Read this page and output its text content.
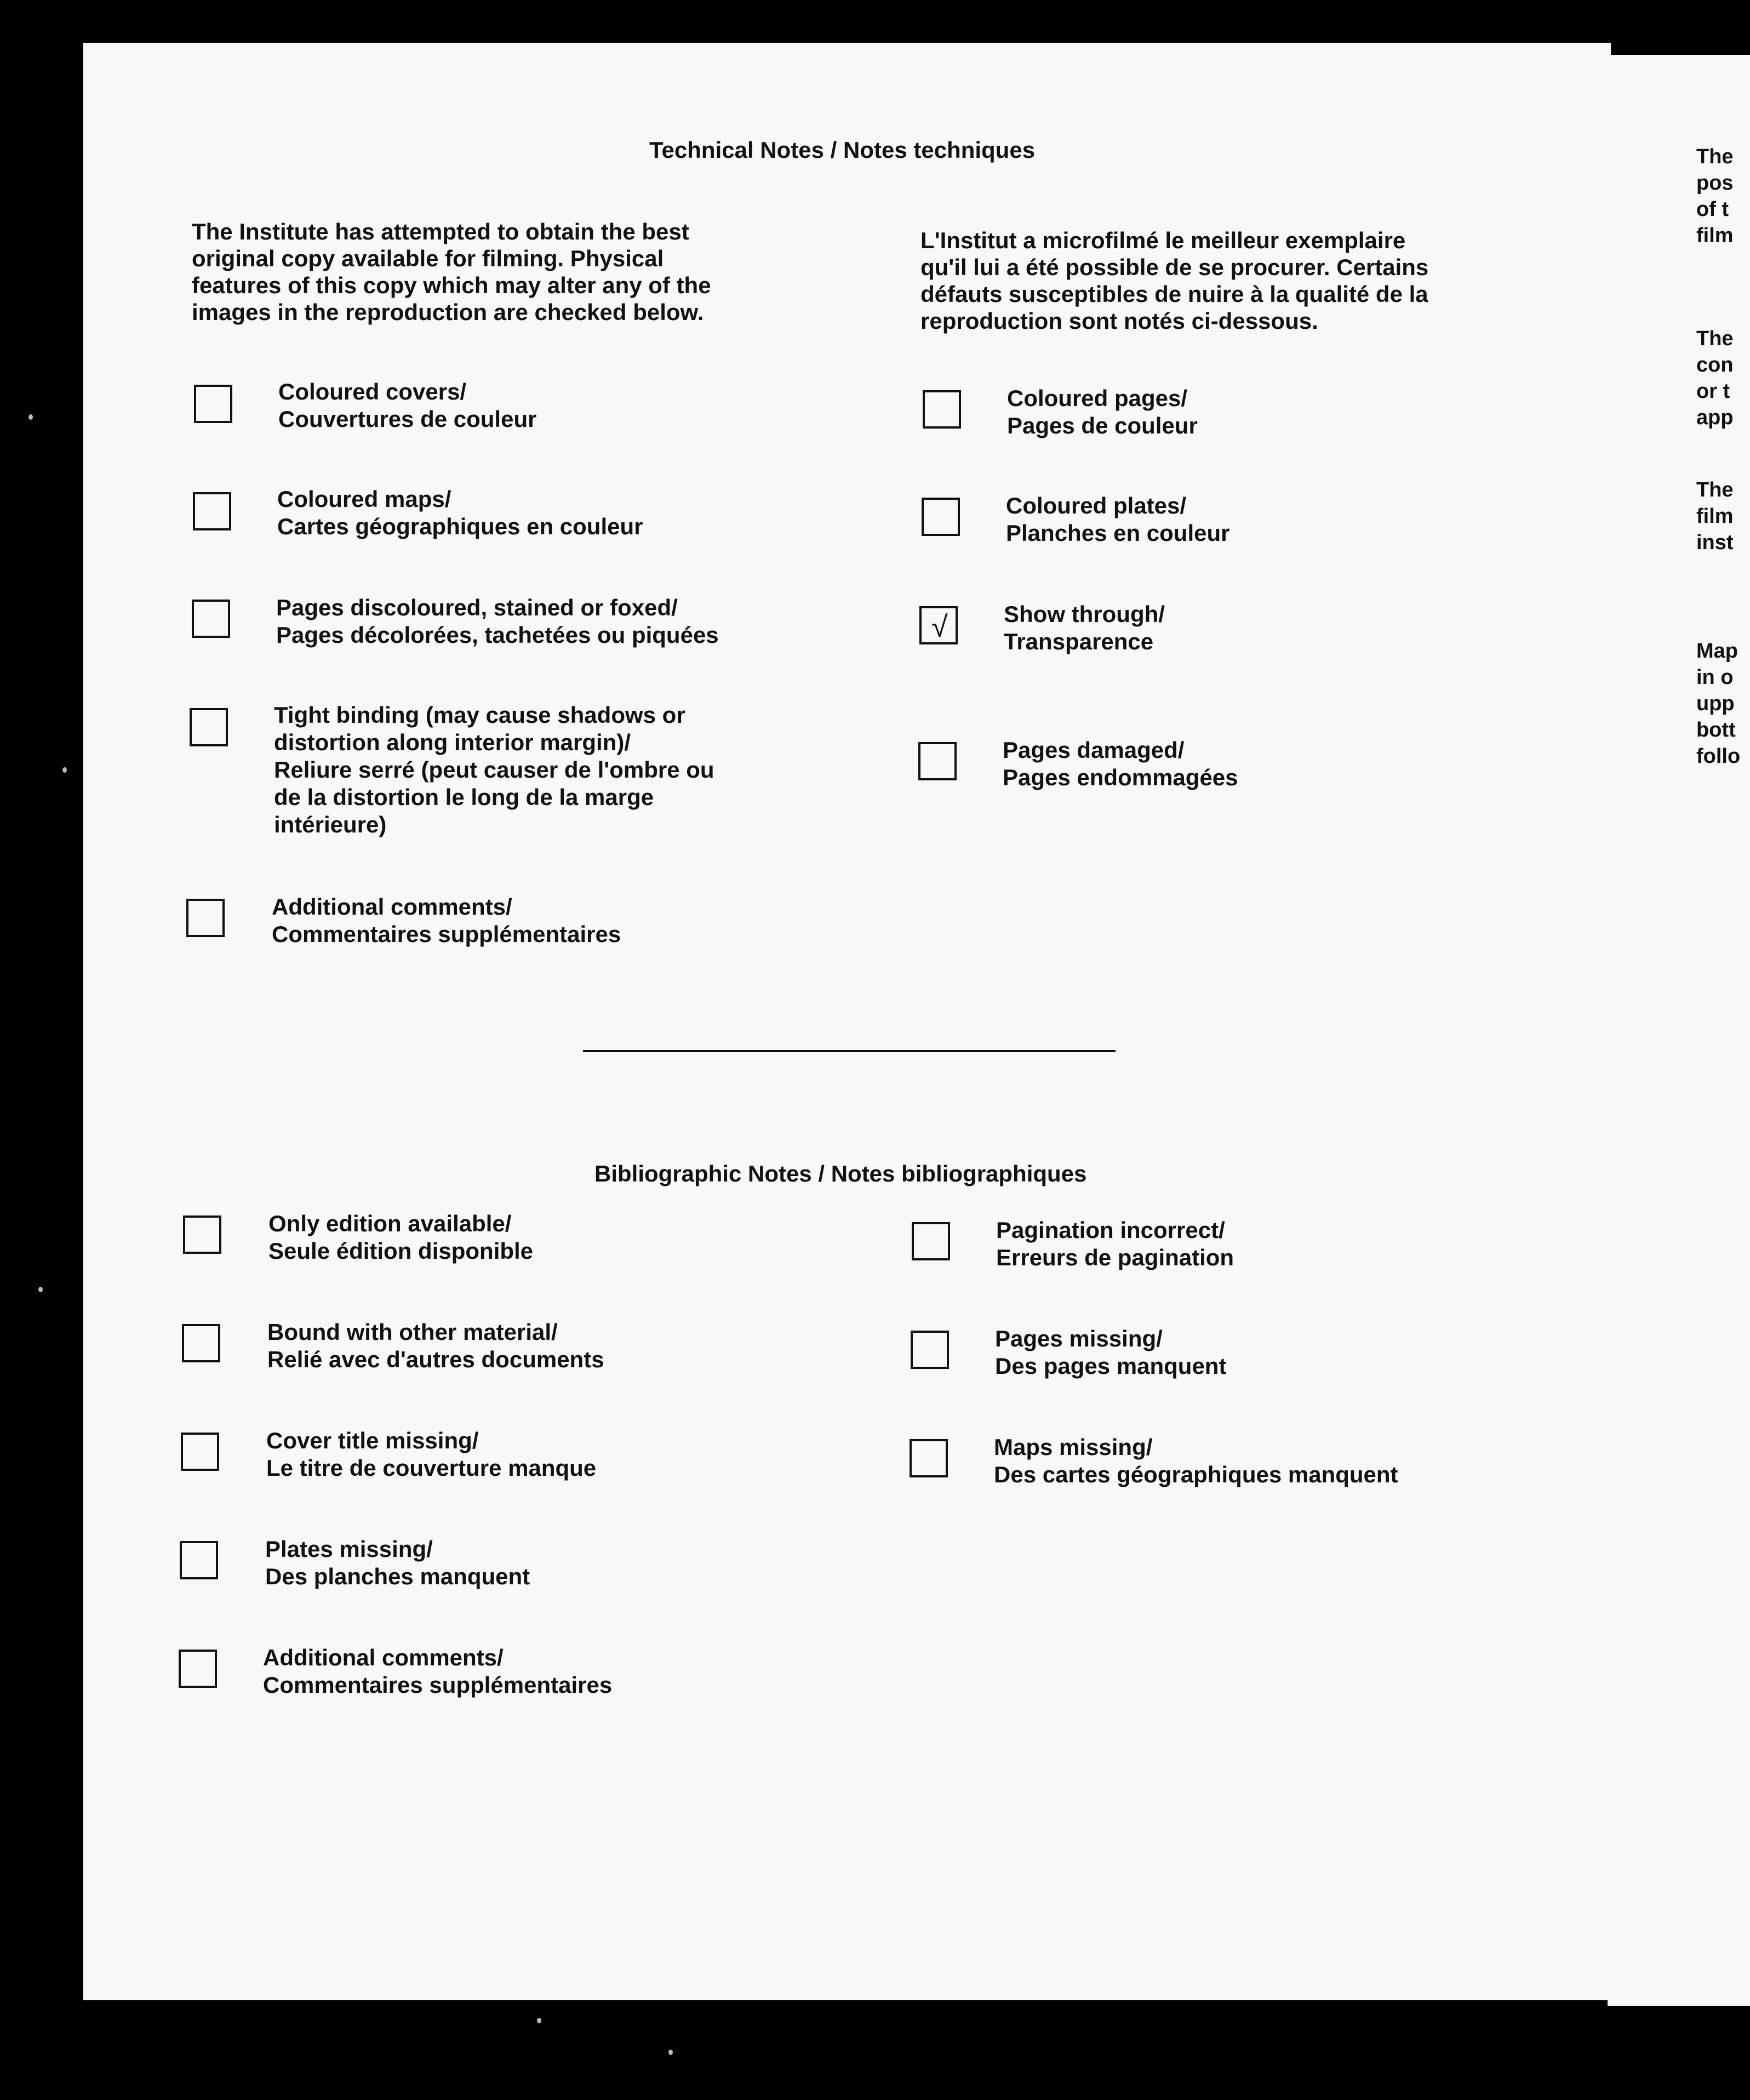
Technical Notes / Notes techniques
The Institute has attempted to obtain the best
original copy available for filming. Physical
features of this copy which may alter any of the
images in the reproduction are checked below.
L'Institut a microfilmé le meilleur exemplaire
qu'il lui a été possible de se procurer. Certains
défauts susceptibles de nuire à la qualité de la
reproduction sont notés ci-dessous.
Coloured covers/
Couvertures de couleur
Coloured maps/
Cartes géographiques en couleur
Pages discoloured, stained or foxed/
Pages décolorées, tachetées ou piquées
Tight binding (may cause shadows or
distortion along interior margin)/
Reliure serré (peut causer de l'ombre ou
de la distortion le long de la marge
intérieure)
Additional comments/
Commentaires supplémentaires
Coloured pages/
Pages de couleur
Coloured plates/
Planches en couleur
√ Show through/
Transparence
Pages damaged/
Pages endommagées
Bibliographic Notes / Notes bibliographiques
Only edition available/
Seule édition disponible
Bound with other material/
Relié avec d'autres documents
Cover title missing/
Le titre de couverture manque
Plates missing/
Des planches manquent
Additional comments/
Commentaires supplémentaires
Pagination incorrect/
Erreurs de pagination
Pages missing/
Des pages manquent
Maps missing/
Des cartes géographiques manquent
The
pos
of t
film
The
con
or t
app
The
film
inst
Map
in o
upp
bott
follo
